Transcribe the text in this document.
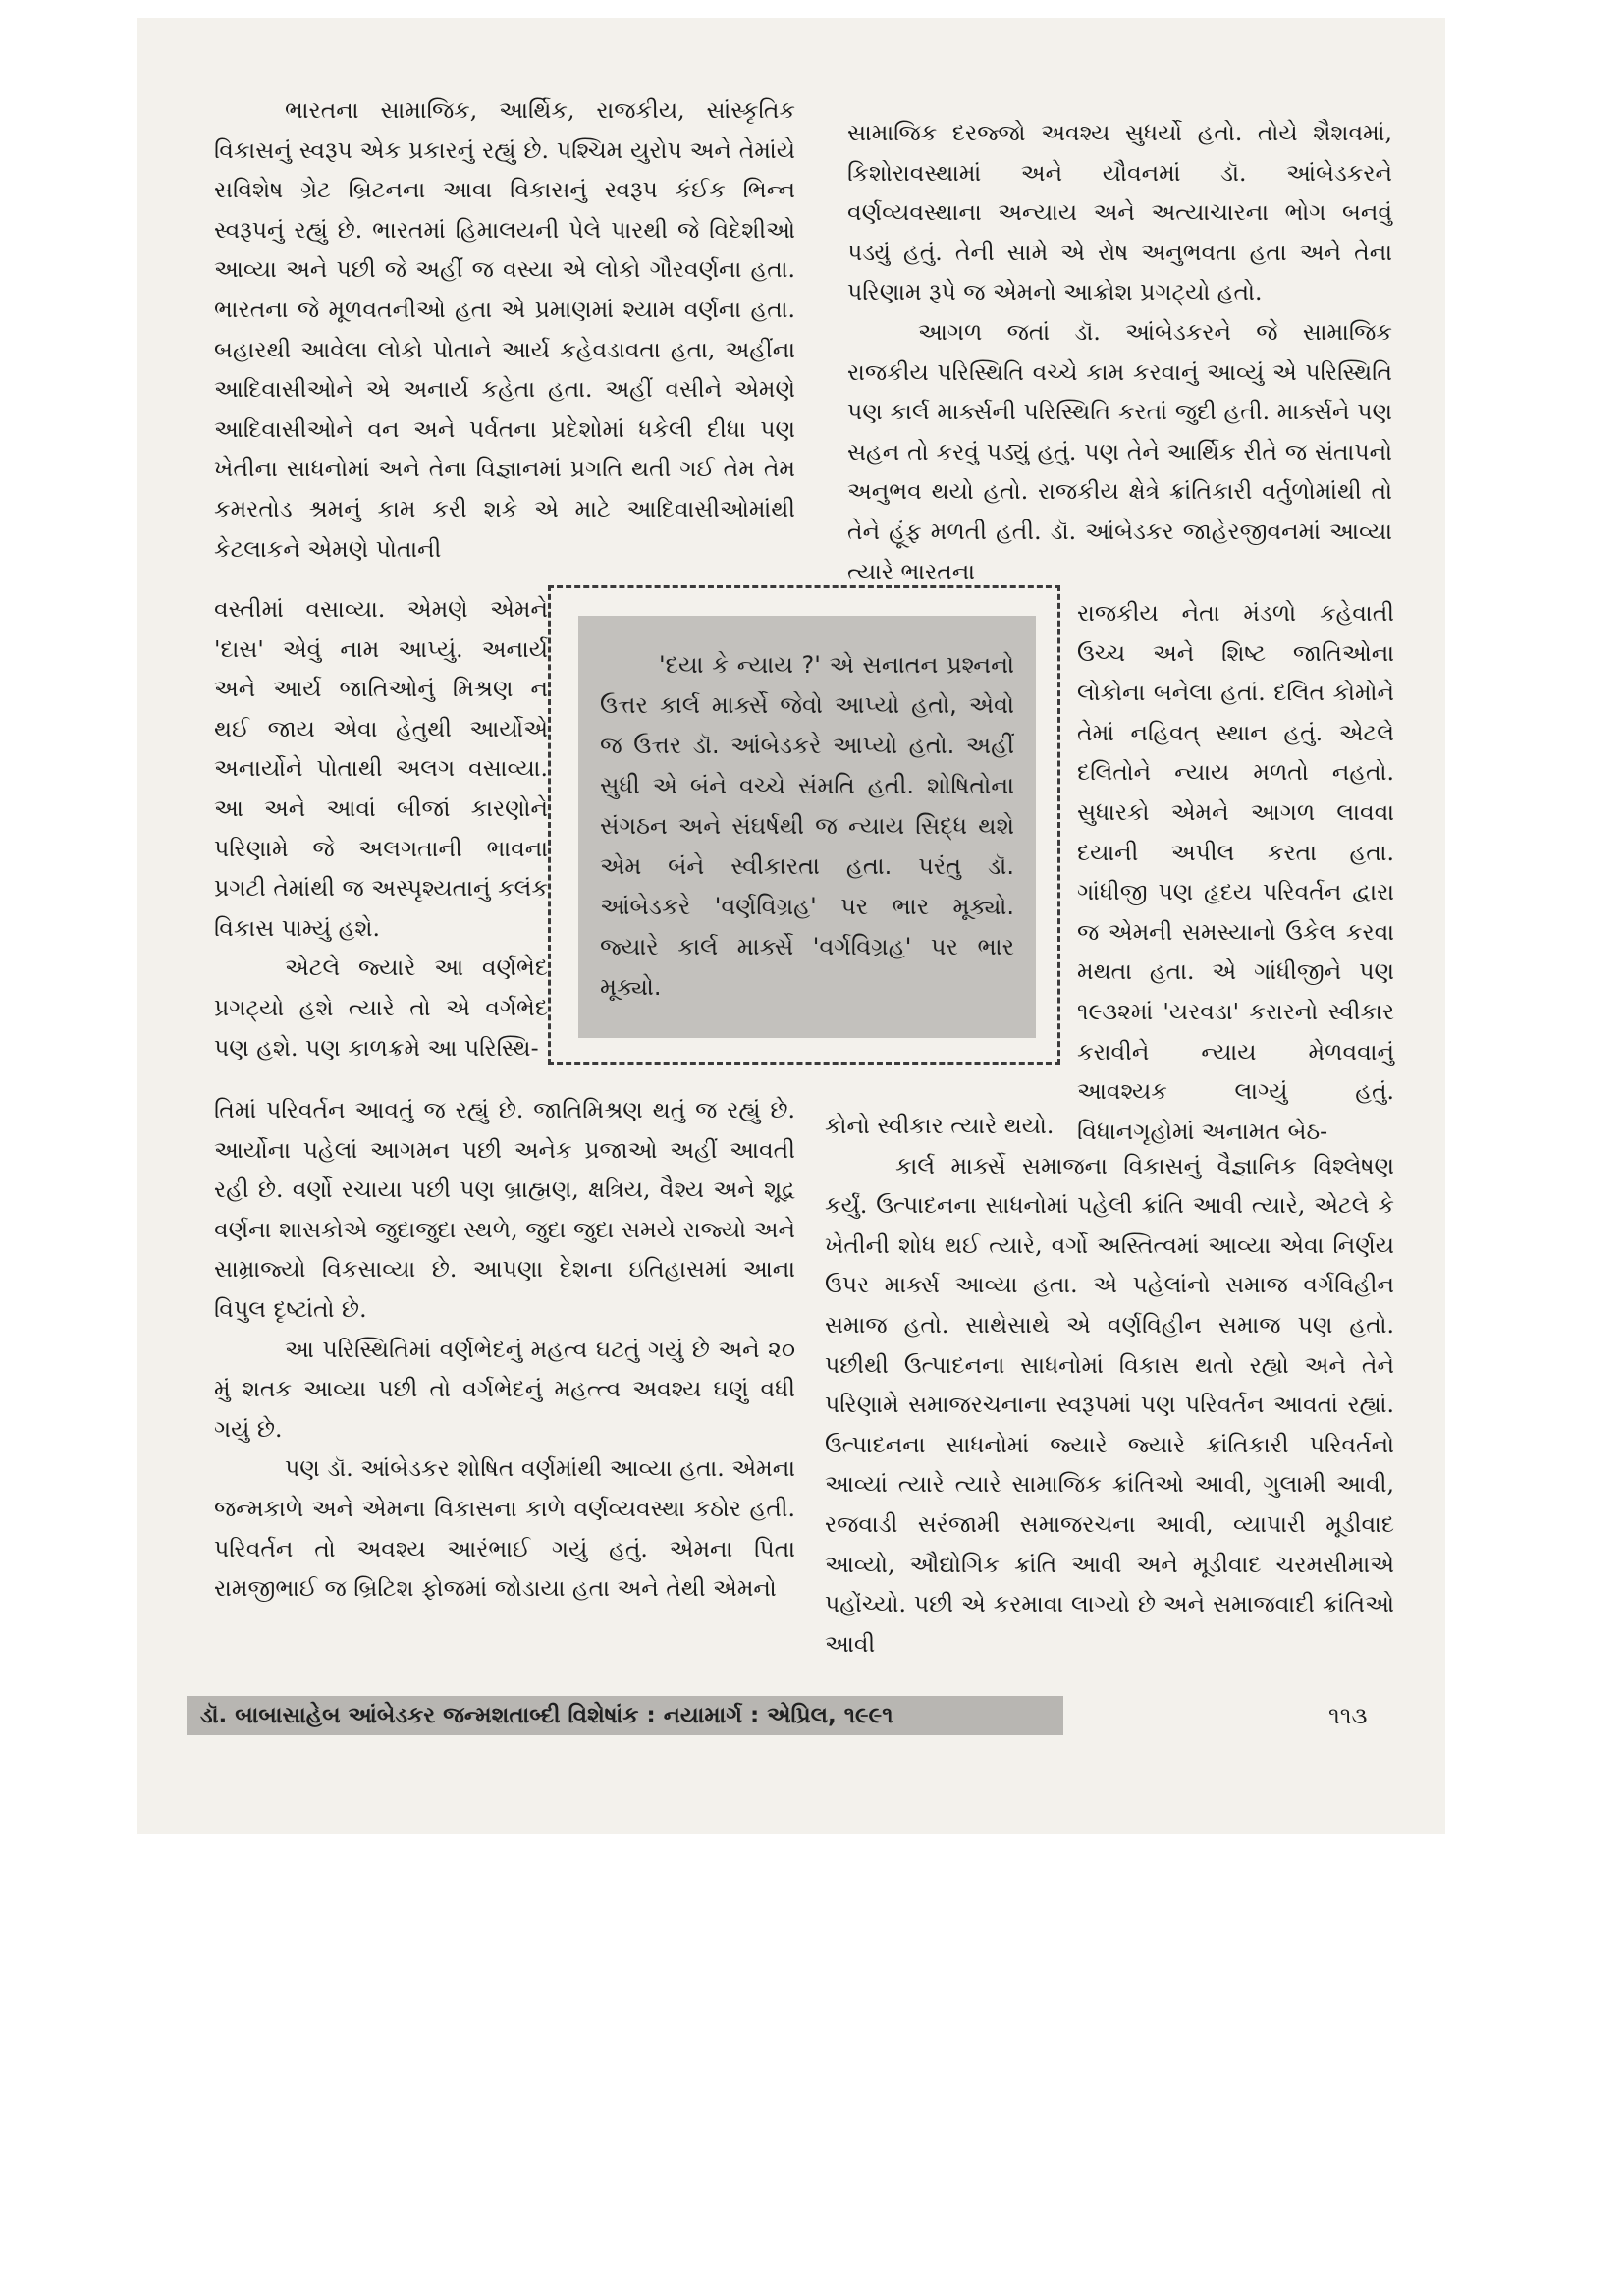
ભારતના સામાજિક, આર્થિક, રાજકીય, સાંસ્કૃતિક વિકાસનું સ્વરૂપ એક પ્રકારનું રહ્યું છે. પશ્ચિમ યુરોપ અને તેમાંયે સવિશેષ ગ્રેટ બ્રિટનના આવા વિકાસનું સ્વરૂપ કંઈક ભિન્ન સ્વરૂપનું રહ્યું છે. ભારતમાં હિમાલયની પેલે પારથી જે વિદેશીઓ આવ્યા અને પછી જે અહીં જ વસ્યા એ લોકો ગૌરવર્ણના હતા. ભારતના જે મૂળવતનીઓ હતા એ પ્રમાણમાં શ્યામ વર્ણના હતા. બહારથી આવેલા લોકો પોતાને આર્ય કહેવડાવતા હતા, અહીંના આદિવાસીઓને એ અનાર્ય કહેતા હતા. અહીં વસીને એમણે આદિવાસીઓને વન અને પર્વતના પ્રદેશોમાં ધકેલી દીધા પણ ખેતીના સાધનોમાં અને તેના વિજ્ઞાનમાં પ્રગતિ થતી ગઈ તેમ તેમ કમરતોડ શ્રમનું કામ કરી શકે એ માટે આદિવાસીઓમાંથી કેટલાકને એમણે પોતાની

વસ્તીમાં વસાવ્યા. એમણે એમને 'દાસ' એવું નામ આપ્યું. અનાર્ય અને આર્ય જાતિઓનું મિશ્રણ ન થઈ જાય એવા હેતુથી આર્યોએ અનાર્યોને પોતાથી અલગ વસાવ્યા. આ અને આવાં બીજાં કારણોને પરિણામે જે અલગતાની ભાવના પ્રગટી તેમાંથી જ અસ્પૃશ્યતાનું કલંક વિકાસ પામ્યું હશે.

એટલે જ્યારે આ વર્ણભેદ પ્રગટ્યો હશે ત્યારે તો એ વર્ગભેદ પણ હશે. પણ કાળક્રમે આ પરિસ્થિ-

'દયા કે ન્યાય ?' એ સનાતન પ્રશ્નનો ઉત્તર કાર્લ માર્ક્સે જેવો આપ્યો હતો, એવો જ ઉત્તર ડૉ. આંબેડકરે આપ્યો હતો. અહીં સુધી એ બંને વચ્ચે સંમતિ હતી. શોષિતોના સંગઠન અને સંઘર્ષથી જ ન્યાય સિદ્ધ થશે એમ બંને સ્વીકારતા હતા. પરંતુ ડૉ. આંબેડકરે 'વર્ણવિગ્રહ' પર ભાર મૂક્યો. જ્યારે કાર્લ માર્ક્સે 'વર્ગવિગ્રહ' પર ભાર મૂક્યો.

તિમાં પરિવર્તન આવતું જ રહ્યું છે. જાતિમિશ્રણ થતું જ રહ્યું છે. આર્યોના પહેલાં આગમન પછી અનેક પ્રજાઓ અહીં આવતી રહી છે. વર્ણો રચાયા પછી પણ બ્રાહ્મણ, ક્ષત્રિય, વૈશ્ય અને શૂદ્ર વર્ણના શાસકોએ જુદાજુદા સ્થળે, જુદા જુદા સમયે રાજ્યો અને સામ્રાજ્યો વિકસાવ્યા છે. આપણા દેશના ઇતિહાસમાં આના વિપુલ દૃષ્ટાંતો છે.

આ પરિસ્થિતિમાં વર્ણભેદનું મહત્વ ઘટતું ગયું છે અને ૨૦ મું શતક આવ્યા પછી તો વર્ગભેદનું મહત્ત્વ અવશ્ય ઘણું વધી ગયું છે.

પણ ડૉ. આંબેડકર શોષિત વર્ણમાંથી આવ્યા હતા. એમના જન્મકાળે અને એમના વિકાસના કાળે વર્ણવ્યવસ્થા કઠોર હતી. પરિવર્તન તો અવશ્ય આરંભાઈ ગયું હતું. એમના પિતા રામજીભાઈ જ બ્રિટિશ ફોજમાં જોડાયા હતા અને તેથી એમનો

સામાજિક દરજ્જો અવશ્ય સુધર્યો હતો. તોયે શૈશવમાં, કિશોરાવસ્થામાં અને યૌવનમાં ડૉ. આંબેડકરને વર્ણવ્યવસ્થાના અન્યાય અને અત્યાચારના ભોગ બનવું પડ્યું હતું. તેની સામે એ રોષ અનુભવતા હતા અને તેના પરિણામ રૂપે જ એમનો આક્રોશ પ્રગટ્યો હતો.

આગળ જતાં ડૉ. આંબેડકરને જે સામાજિક રાજકીય પરિસ્થિતિ વચ્ચે કામ કરવાનું આવ્યું એ પરિસ્થિતિ પણ કાર્લ માર્ક્સની પરિસ્થિતિ કરતાં જુદી હતી. માર્ક્સને પણ સહન તો કરવું પડ્યું હતું. પણ તેને આર્થિક રીતે જ સંતાપનો અનુભવ થયો હતો. રાજકીય ક્ષેત્રે ક્રાંતિકારી વર્તુળોમાંથી તો તેને હૂંફ મળતી હતી. ડૉ. આંબેડકર જાહેરજીવનમાં આવ્યા ત્યારે ભારતના

રાજકીય નેતા મંડળો કહેવાતી ઉચ્ચ અને શિષ્ટ જાતિઓના લોકોના બનેલા હતાં. દલિત કોમોને તેમાં નહિવત્ સ્થાન હતું. એટલે દલિતોને ન્યાય મળતો નહતો. સુધારકો એમને આગળ લાવવા દયાની અપીલ કરતા હતા. ગાંધીજી પણ હૃદય પરિવર્તન દ્વારા જ એમની સમસ્યાનો ઉકેલ કરવા મથતા હતા. એ ગાંધીજીને પણ ૧૯૩૨માં 'યરવડા' કરારનો સ્વીકાર કરાવીને ન્યાય મેળવવાનું આવશ્યક લાગ્યું હતું. વિધાનગૃહોમાં અનામત બેઠ-

કોનો સ્વીકાર ત્યારે થયો.

કાર્લ માર્ક્સે સમાજના વિકાસનું વૈજ્ઞાનિક વિશ્લેષણ કર્યું. ઉત્પાદનના સાધનોમાં પહેલી ક્રાંતિ આવી ત્યારે, એટલે કે ખેતીની શોધ થઈ ત્યારે, વર્ગો અસ્તિત્વમાં આવ્યા એવા નિર્ણય ઉપર માર્ક્સ આવ્યા હતા. એ પહેલાંનો સમાજ વર્ગવિહીન સમાજ હતો. સાથેસાથે એ વર્ણવિહીન સમાજ પણ હતો. પછીથી ઉત્પાદનના સાધનોમાં વિકાસ થતો રહ્યો અને તેને પરિણામે સમાજરચનાના સ્વરૂપમાં પણ પરિવર્તન આવતાં રહ્યાં. ઉત્પાદનના સાધનોમાં જ્યારે જ્યારે ક્રાંતિકારી પરિવર્તનો આવ્યાં ત્યારે ત્યારે સામાજિક ક્રાંતિઓ આવી, ગુલામી આવી, રજવાડી સરંજામી સમાજરચના આવી, વ્યાપારી મૂડીવાદ આવ્યો, ઔદ્યોગિક ક્રાંતિ આવી અને મૂડીવાદ ચરમસીમાએ પહોંચ્યો. પછી એ કરમાવા લાગ્યો છે અને સમાજવાદી ક્રાંતિઓ આવી

ડૉ. બાબાસાહેબ આંબેડકર જન્મશતાબ્દી વિશેષાંક : નયામાર્ગ : એપ્રિલ, ૧૯૯૧	૧૧૩
